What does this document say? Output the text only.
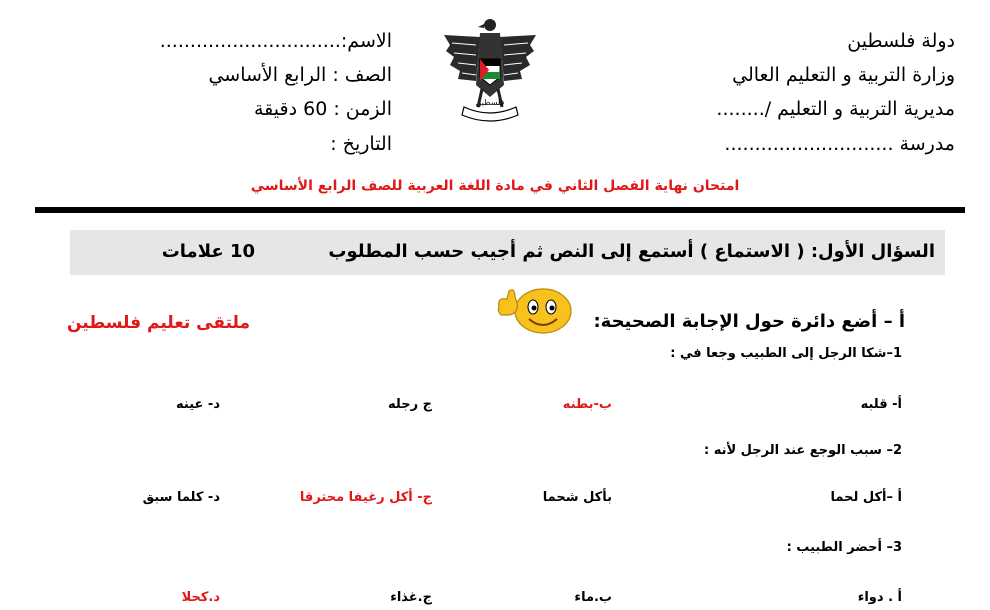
دولة فلسطين
وزارة التربية و التعليم العالي
مديرية التربية و التعليم /........
مدرسة ............................
الاسم:..............................
الصف : الرابع الأساسي
الزمن : 60 دقيقة
التاريخ :
فلسطين
امتحان نهاية الفصل الثاني في مادة اللغة العربية للصف الرابع الأساسي
السؤال الأول: ( الاستماع ) أستمع إلى النص ثم أجيب حسب المطلوب
10 علامات
ملتقى تعليم فلسطين	أ – أضع دائرة حول الإجابة الصحيحة:
1–شكا الرجل إلى الطبيب وجعا في :
أ- قلبه
ب-بطنه
ج رجله
د- عينه
2– سبب الوجع عند الرجل لأنه :
أ –أكل لحما
بأكل شحما
ج- أكل رغيفا محترقا
د- كلما سبق
3– أحضر الطبيب :
أ . دواء
ب.ماء
ج.غذاء
د.كحلا
